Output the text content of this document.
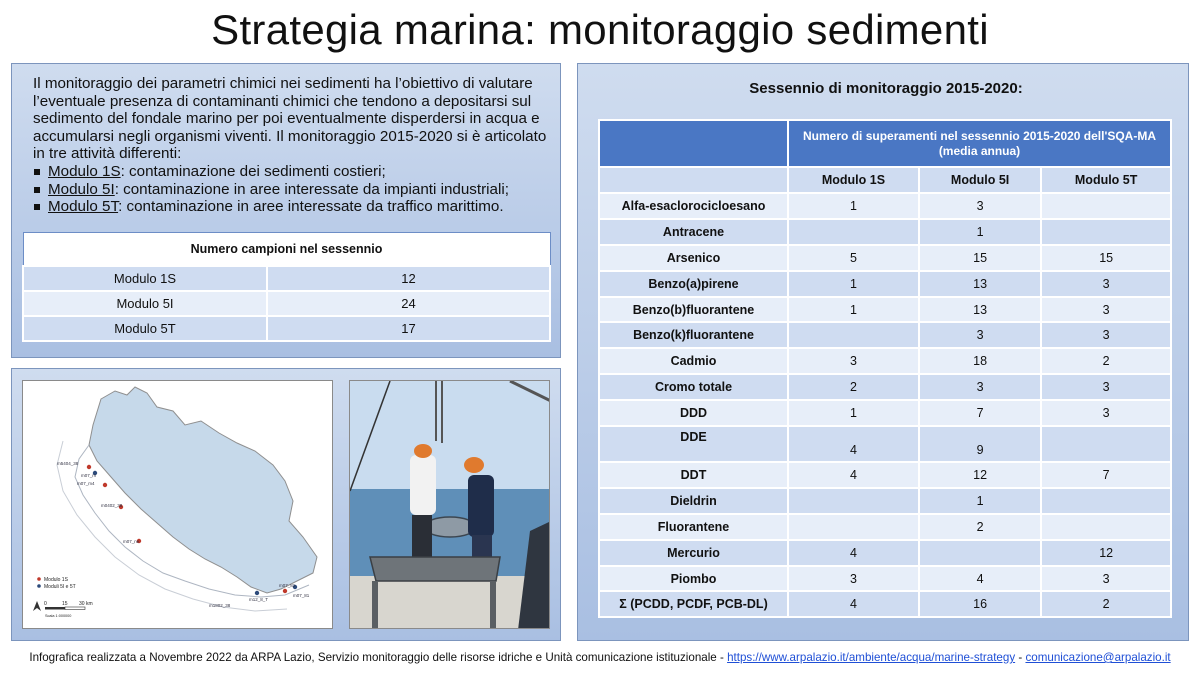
Strategia marina: monitoraggio sedimenti

Il monitoraggio dei parametri chimici nei sedimenti ha l’obiettivo di valutare l’eventuale presenza di contaminanti chimici che tendono a depositarsi sul sedimento del fondale marino per poi eventualmente disperdersi in acqua e accumularsi negli organismi viventi. Il monitoraggio 2015-2020 si è articolato in tre attività differenti:

Modulo 1S: contaminazione dei sedimenti costieri;
Modulo 5I: contaminazione in aree interessate da impianti industriali;
Modulo 5T: contaminazione in aree interessate da traffico marittimo.
Numero campioni nel sessennio	
Modulo 1S	12
Modulo 5I	24
Modulo 5T	17
m5404_38
m07_m
m07_m4
m0402_38
m07_ne
m12_8_T
m07_81
m1802_38
m07_81
Modulo 1S
Moduli 5I e 5T
0	15 30 km
Scala 1:000000
Sessennio di monitoraggio 2015-2020:
	Numero di superamenti nel sessennio 2015-2020 dell'SQA-MA (media annua)		
	Modulo 1S	Modulo 5I	Modulo 5T
Alfa-esaclorocicloesano	1	3	
Antracene		1	
Arsenico	5	15	15
Benzo(a)pirene	1	13	3
Benzo(b)fluorantene	1	13	3
Benzo(k)fluorantene		3	3
Cadmio	3	18	2
Cromo totale	2	3	3
DDD	1	7	3
DDE	4	9	
DDT	4	12	7
Dieldrin		1	
Fluorantene		2	
Mercurio	4		12
Piombo	3	4	3
Σ (PCDD, PCDF, PCB-DL)	4	16	2
Infografica realizzata a Novembre 2022 da ARPA Lazio, Servizio monitoraggio delle risorse idriche e Unità comunicazione istituzionale - https://www.arpalazio.it/ambiente/acqua/marine-strategy - comunicazione@arpalazio.it
